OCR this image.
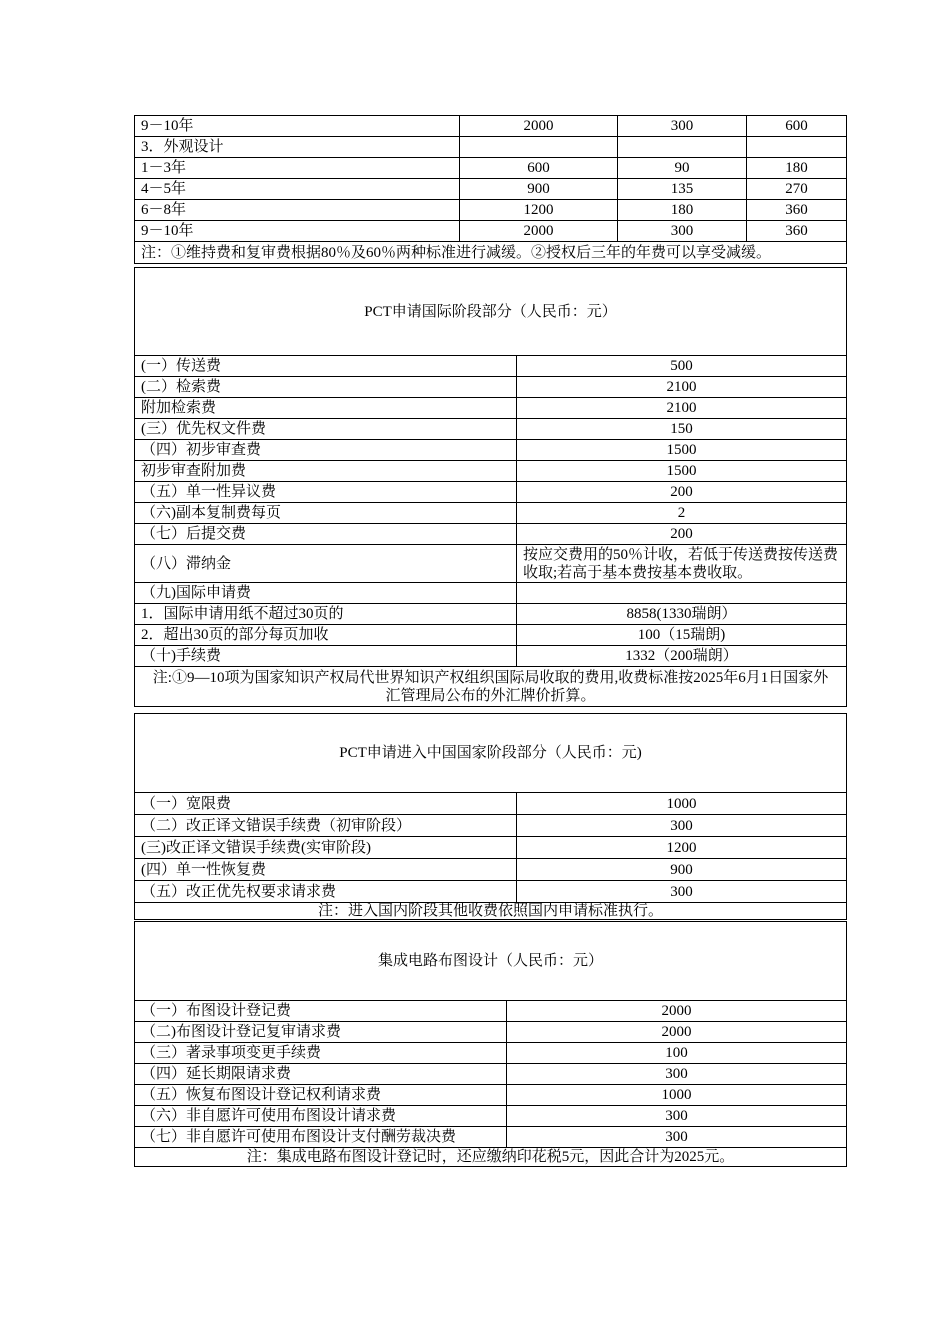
9－10年	2000	300	600
3．外观设计			
1－3年	600	90	180
4－5年	900	135	270
6－8年	1200	180	360
9－10年	2000	300	360
注：①维持费和复审费根据80％及60％两种标准进行减缓。②授权后三年的年费可以享受减缓。			
PCT申请国际阶段部分（人民币：元）	
(一）传送费	500
(二）检索费	2100
附加检索费	2100
(三）优先权文件费	150
（四）初步审查费	1500
初步审查附加费	1500
（五）单一性异议费	200
（六)副本复制费每页	2
（七）后提交费	200
（八）滞纳金	按应交费用的50％计收，若低于传送费按传送费收取;若高于基本费按基本费收取。
（九)国际申请费	
1．国际申请用纸不超过30页的	8858(1330瑞朗）
2．超出30页的部分每页加收	100（15瑞朗)
（十)手续费	1332（200瑞朗）
注:①9—10项为国家知识产权局代世界知识产权组织国际局收取的费用,收费标准按2025年6月1日国家外汇管理局公布的外汇牌价折算。	
PCT申请进入中国国家阶段部分（人民币：元)	
（一）宽限费	1000
（二）改正译文错误手续费（初审阶段）	300
(三)改正译文错误手续费(实审阶段)	1200
(四）单一性恢复费	900
（五）改正优先权要求请求费	300
注：进入国内阶段其他收费依照国内申请标准执行。	
集成电路布图设计（人民币：元）	
（一）布图设计登记费	2000
（二)布图设计登记复审请求费	2000
（三）著录事项变更手续费	100
（四）延长期限请求费	300
（五）恢复布图设计登记权利请求费	1000
（六）非自愿许可使用布图设计请求费	300
（七）非自愿许可使用布图设计支付酬劳裁决费	300
注：集成电路布图设计登记时，还应缴纳印花税5元，因此合计为2025元。	
